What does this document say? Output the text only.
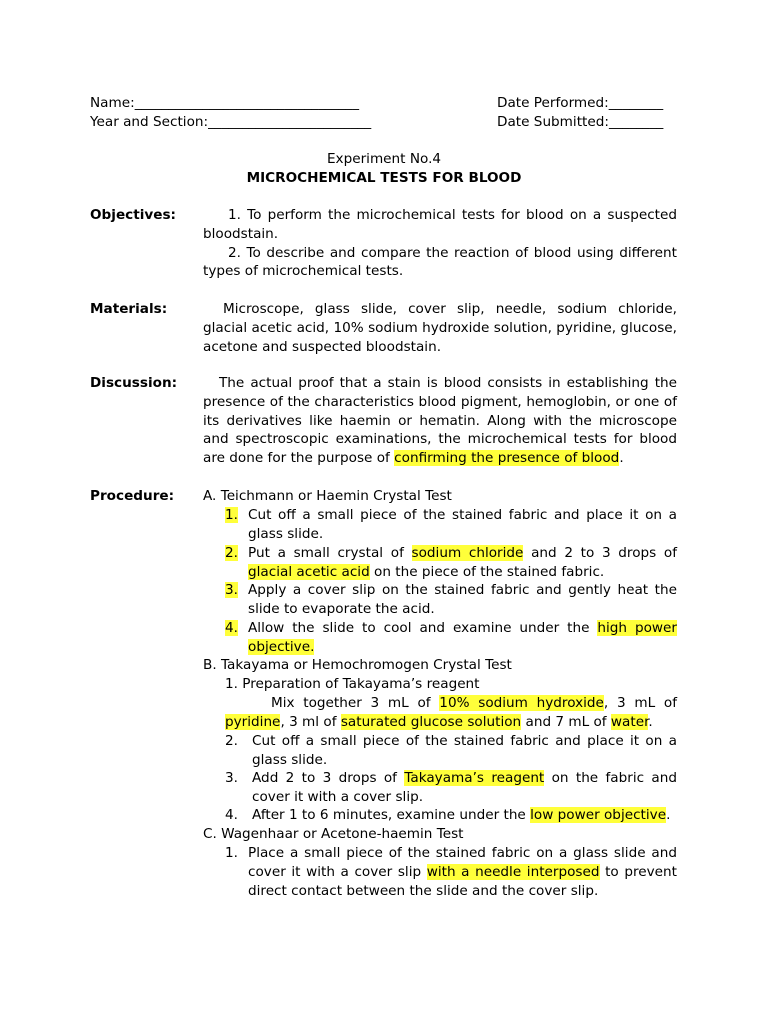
Name:_________________________________
Year and Section:________________________
Date Performed:________
Date Submitted:________
Experiment No.4
MICROCHEMICAL TESTS FOR BLOOD
Objectives:	1. To perform the microchemical tests for blood on a suspected bloodstain.
2. To describe and compare the reaction of blood using different types of microchemical tests.
Materials:	Microscope, glass slide, cover slip, needle, sodium chloride, glacial acetic acid, 10% sodium hydroxide solution, pyridine, glucose, acetone and suspected bloodstain.
Discussion:	The actual proof that a stain is blood consists in establishing the presence of the characteristics blood pigment, hemoglobin, or one of its derivatives like haemin or hematin. Along with the microscope and spectroscopic examinations, the microchemical tests for blood are done for the purpose of confirming the presence of blood.
Procedure: A. Teichmann or Haemin Crystal Test
1. Cut off a small piece of the stained fabric and place it on a glass slide.
2. Put a small crystal of sodium chloride and 2 to 3 drops of glacial acetic acid on the piece of the stained fabric.
3. Apply a cover slip on the stained fabric and gently heat the slide to evaporate the acid.
4. Allow the slide to cool and examine under the high power objective.
B. Takayama or Hemochromogen Crystal Test
1. Preparation of Takayama’s reagent
Mix together 3 mL of 10% sodium hydroxide, 3 mL of pyridine, 3 ml of saturated glucose solution and 7 mL of water.
2. Cut off a small piece of the stained fabric and place it on a glass slide.
3. Add 2 to 3 drops of Takayama’s reagent on the fabric and cover it with a cover slip.
4. After 1 to 6 minutes, examine under the low power objective.
C. Wagenhaar or Acetone-haemin Test
1. Place a small piece of the stained fabric on a glass slide and cover it with a cover slip with a needle interposed to prevent direct contact between the slide and the cover slip.
